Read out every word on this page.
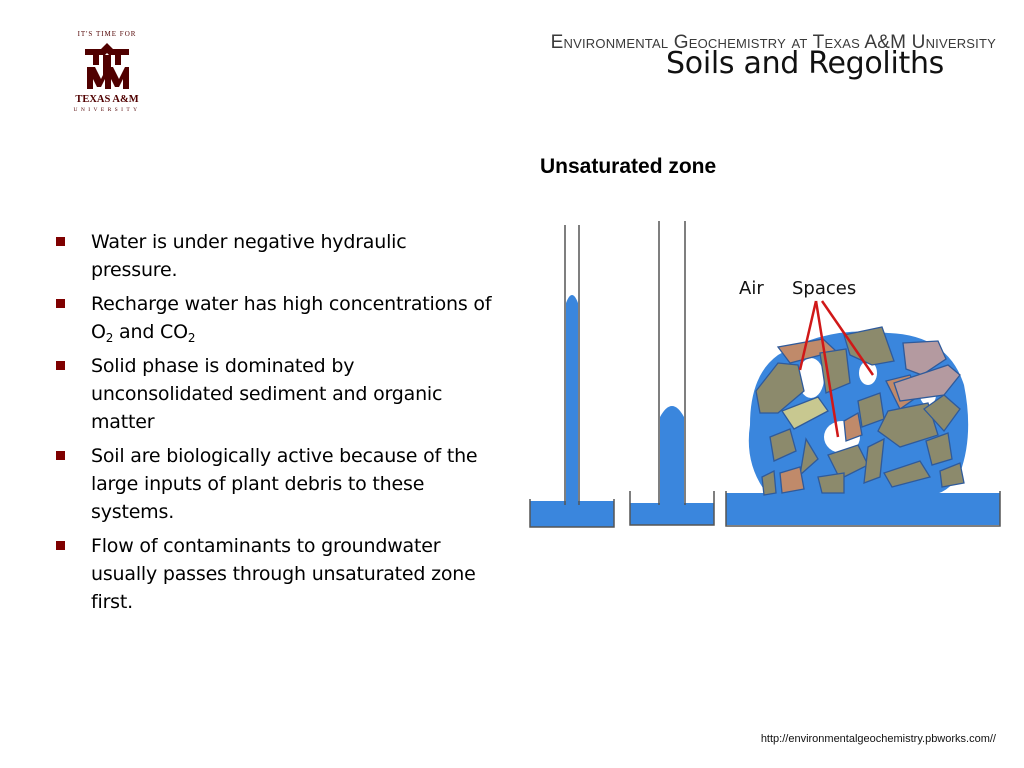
IT'S TIME FOR
TEXAS A&M
UNIVERSITY
Environmental Geochemistry at Texas A&M University
Soils and Regoliths
Unsaturated zone
Water is under negative hydraulic pressure.
Recharge water has high concentrations of $O_2$ and $CO_2$
Solid phase is dominated by unconsolidated sediment and organic matter
Soil are biologically active because of the large inputs of plant debris to these systems.
Flow of contaminants to groundwater usually passes through unsaturated zone first.
Air Spaces
http://environmentalgeochemistry.pbworks.com//
